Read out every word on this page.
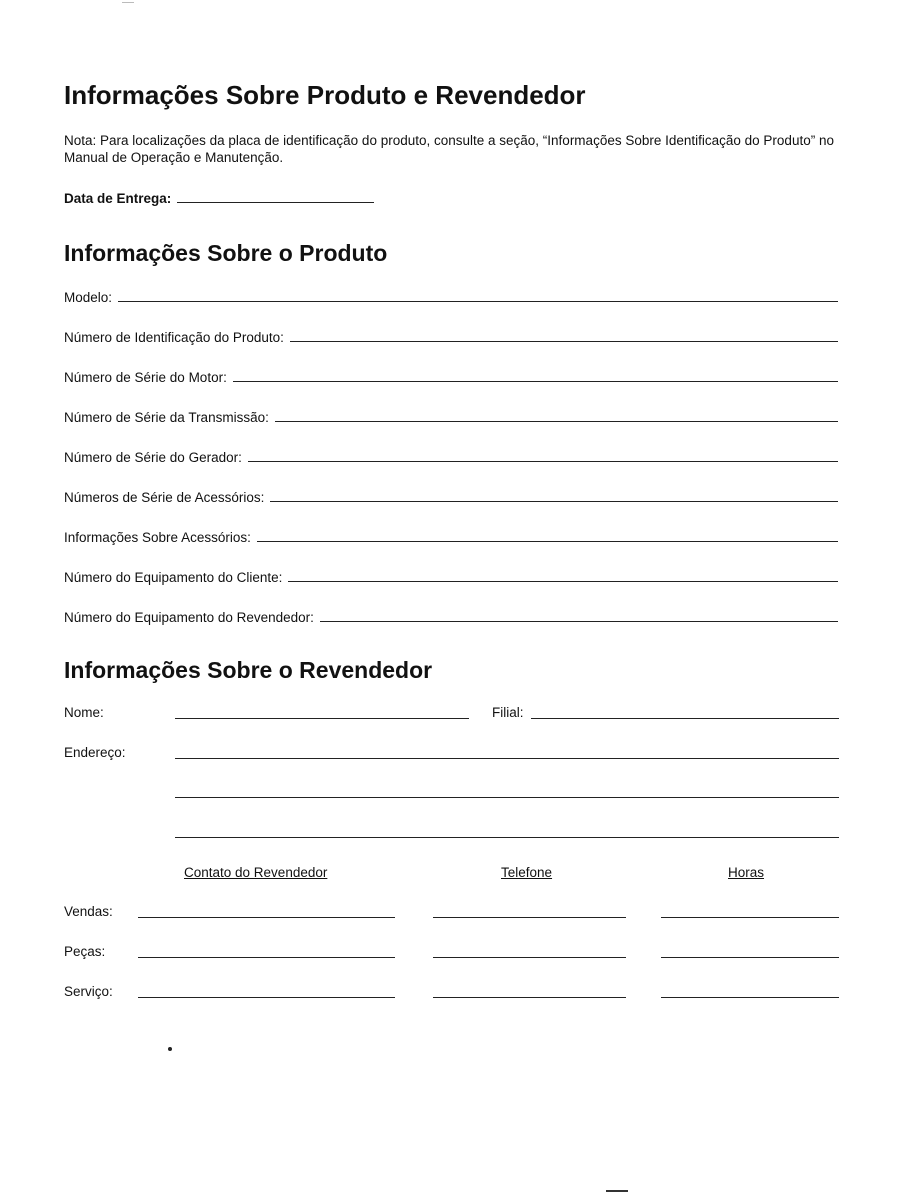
Informações Sobre Produto e Revendedor

Nota: Para localizações da placa de identificação do produto, consulte a seção, “Informações Sobre Identificação do Produto” no Manual de Operação e Manutenção.

Data de Entrega:
Informações Sobre o Produto
Modelo:
Número de Identificação do Produto:
Número de Série do Motor:
Número de Série da Transmissão:
Número de Série do Gerador:
Números de Série de Acessórios:
Informações Sobre Acessórios:
Número do Equipamento do Cliente:
Número do Equipamento do Revendedor:
Informações Sobre o Revendedor
Nome:	Filial:
Endereço:
Contato do Revendedor	Telefone	Horas
Vendas:
Peças:
Serviço:
